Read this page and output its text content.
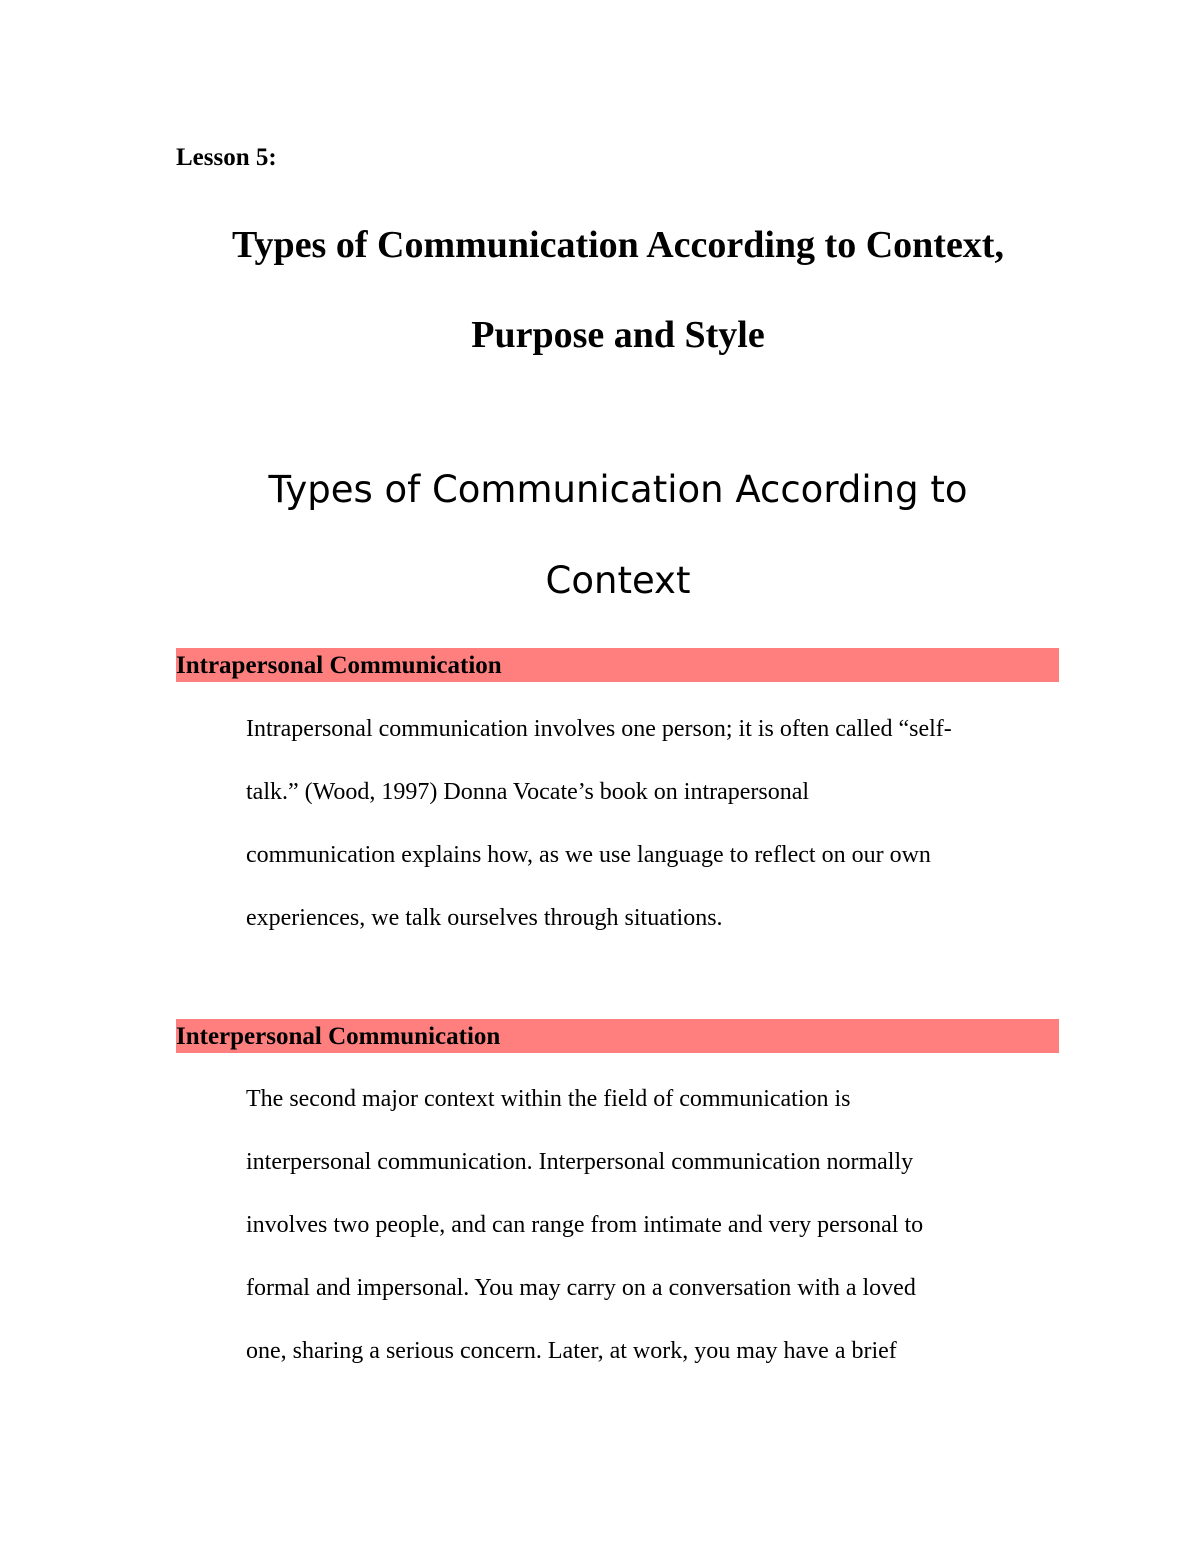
Lesson 5:

Types of Communication According to Context,
Purpose and Style
Types of Communication According to
Context
Intrapersonal Communication
Intrapersonal communication involves one person; it is often called “self-
talk.” (Wood, 1997) Donna Vocate’s book on intrapersonal
communication explains how, as we use language to reflect on our own
experiences, we talk ourselves through situations.
Interpersonal Communication
The second major context within the field of communication is
interpersonal communication. Interpersonal communication normally
involves two people, and can range from intimate and very personal to
formal and impersonal. You may carry on a conversation with a loved
one, sharing a serious concern. Later, at work, you may have a brief
